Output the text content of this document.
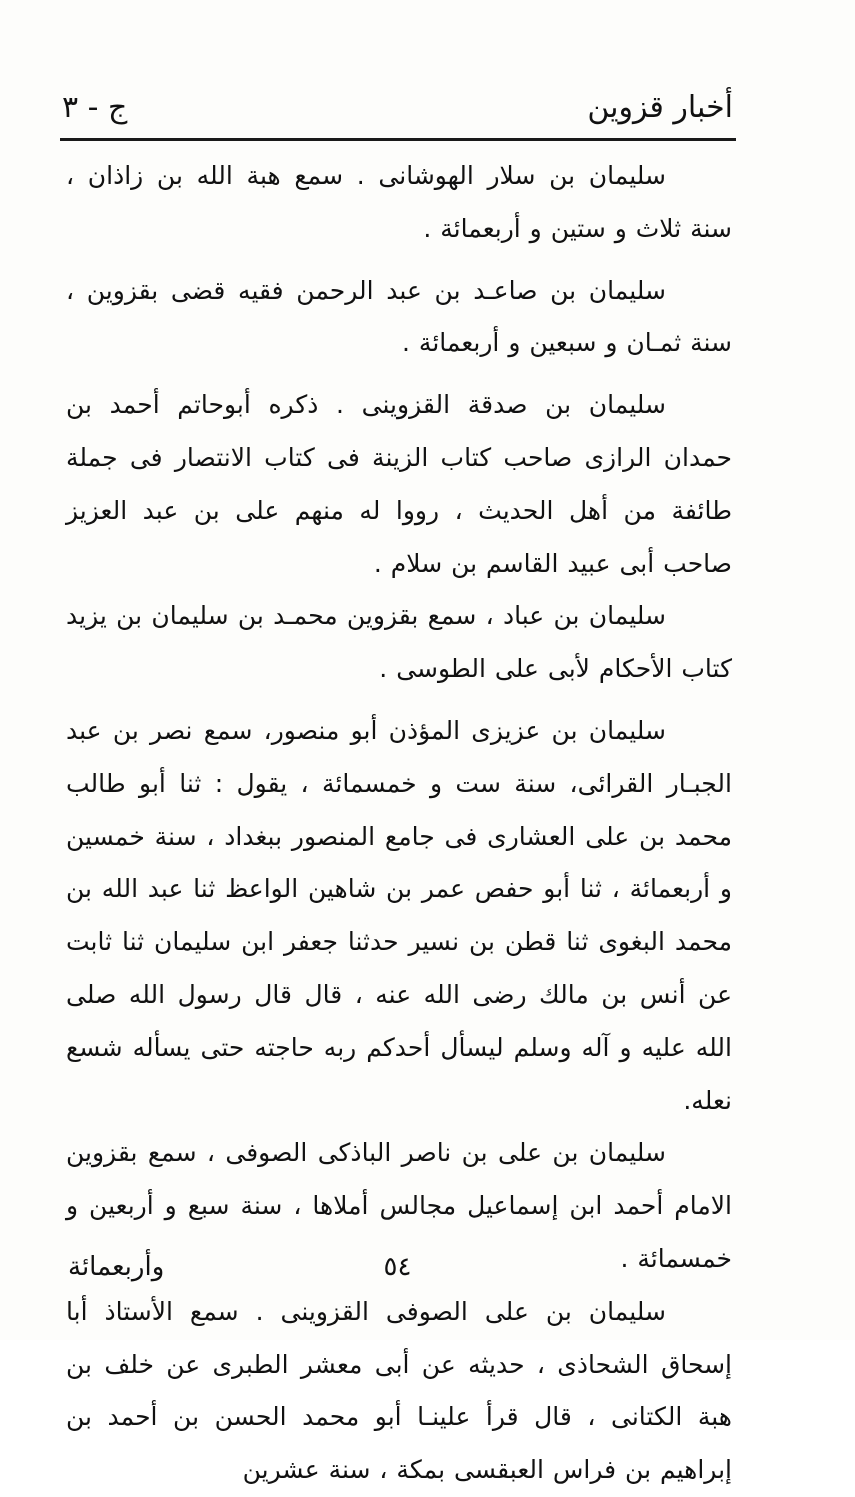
أخبار قزوين
ج - ٣

سليمان بن سلار الهوشانى . سمع هبة الله بن زاذان ، سنة ثلاث و ستين و أربعمائة .

سليمان بن صاعـد بن عبد الرحمن فقيه قضى بقزوين ، سنة ثمـان و سبعين و أربعمائة .

سليمان بن صدقة القزوينى . ذكره أبوحاتم أحمد بن حمدان الرازى صاحب كتاب الزينة فى كتاب الانتصار فى جملة طائفة من أهل الحديث ، رووا له منهم على بن عبد العزيز صاحب أبى عبيد القاسم بن سلام .

سليمان بن عباد ، سمع بقزوين محمـد بن سليمان بن يزيد كتاب الأحكام لأبى على الطوسى .

سليمان بن عزيزى المؤذن أبو منصور، سمع نصر بن عبد الجبـار القرائى، سنة ست و خمسمائة ، يقول : ثنا أبو طالب محمد بن على العشارى فى جامع المنصور ببغداد ، سنة خمسين و أربعمائة ، ثنا أبو حفص عمر بن شاهين الواعظ ثنا عبد الله بن محمد البغوى ثنا قطن بن نسير حدثنا جعفر ابن سليمان ثنا ثابت عن أنس بن مالك رضى الله عنه ، قال قال رسول الله صلى الله عليه و آله وسلم ليسأل أحدكم ربه حاجته حتى يسأله شسع نعله.

سليمان بن على بن ناصر الباذكى الصوفى ، سمع بقزوين الامام أحمد ابن إسماعيل مجالس أملاها ، سنة سبع و أربعين و خمسمائة .

سليمان بن على الصوفى القزوينى . سمع الأستاذ أبا إسحاق الشحاذى ، حديثه عن أبى معشر الطبرى عن خلف بن هبة الكتانى ، قال قرأ علينـا أبو محمد الحسن بن أحمد بن إبراهيم بن فراس العبقسى بمكة ، سنة عشرين

٥٤
وأربعمائة
